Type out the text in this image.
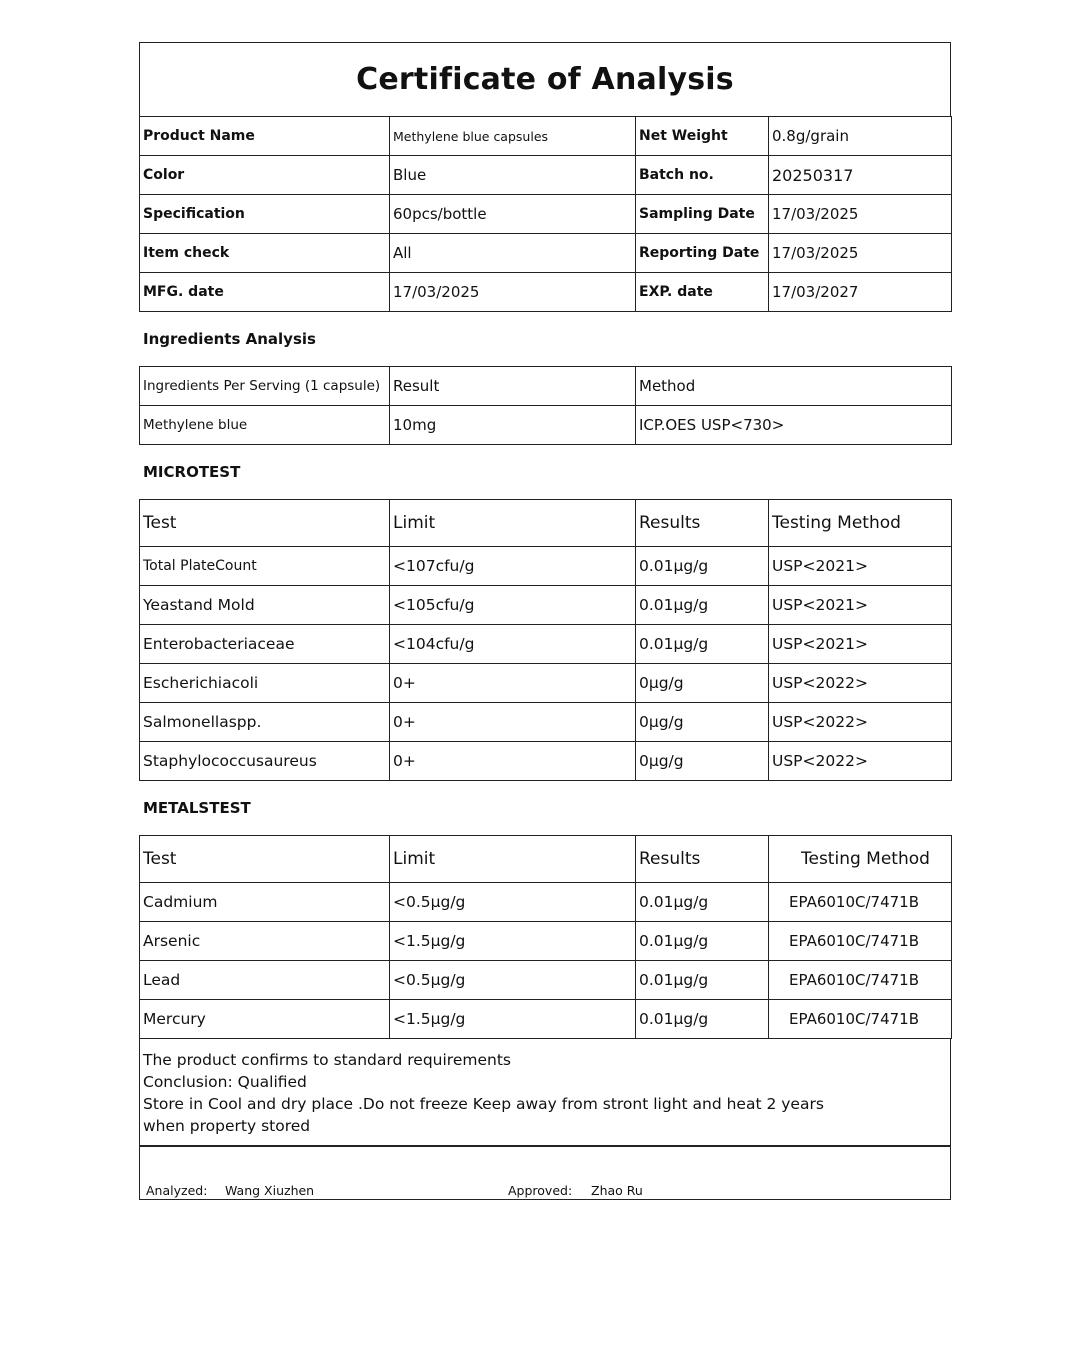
Certificate of Analysis
Product Name	Methylene blue capsules	Net Weight	0.8g/grain
Color	Blue	Batch no.	20250317
Specification	60pcs/bottle	Sampling Date	17/03/2025
Item check	All	Reporting Date	17/03/2025
MFG. date	17/03/2025	EXP. date	17/03/2027
Ingredients Analysis
Ingredients Per Serving (1 capsule)	Result	Method
Methylene blue	10mg	ICP.OES USP<730>
MICROTEST
Test	Limit	Results	Testing Method
Total PlateCount	<107cfu/g	0.01µg/g	USP<2021>
Yeastand Mold	<105cfu/g	0.01µg/g	USP<2021>
Enterobacteriaceae	<104cfu/g	0.01µg/g	USP<2021>
Escherichiacoli	0+	0µg/g	USP<2022>
Salmonellaspp.	0+	0µg/g	USP<2022>
Staphylococcusaureus	0+	0µg/g	USP<2022>
METALSTEST
Test	Limit	Results	Testing Method
Cadmium	<0.5µg/g	0.01µg/g	EPA6010C/7471B
Arsenic	<1.5µg/g	0.01µg/g	EPA6010C/7471B
Lead	<0.5µg/g	0.01µg/g	EPA6010C/7471B
Mercury	<1.5µg/g	0.01µg/g	EPA6010C/7471B
The product confirms to standard requirements
Conclusion: Qualified
Store in Cool and dry place .Do not freeze Keep away from stront light and heat 2 years
when property stored
Analyzed: Wang Xiuzhen	Approved: Zhao Ru
